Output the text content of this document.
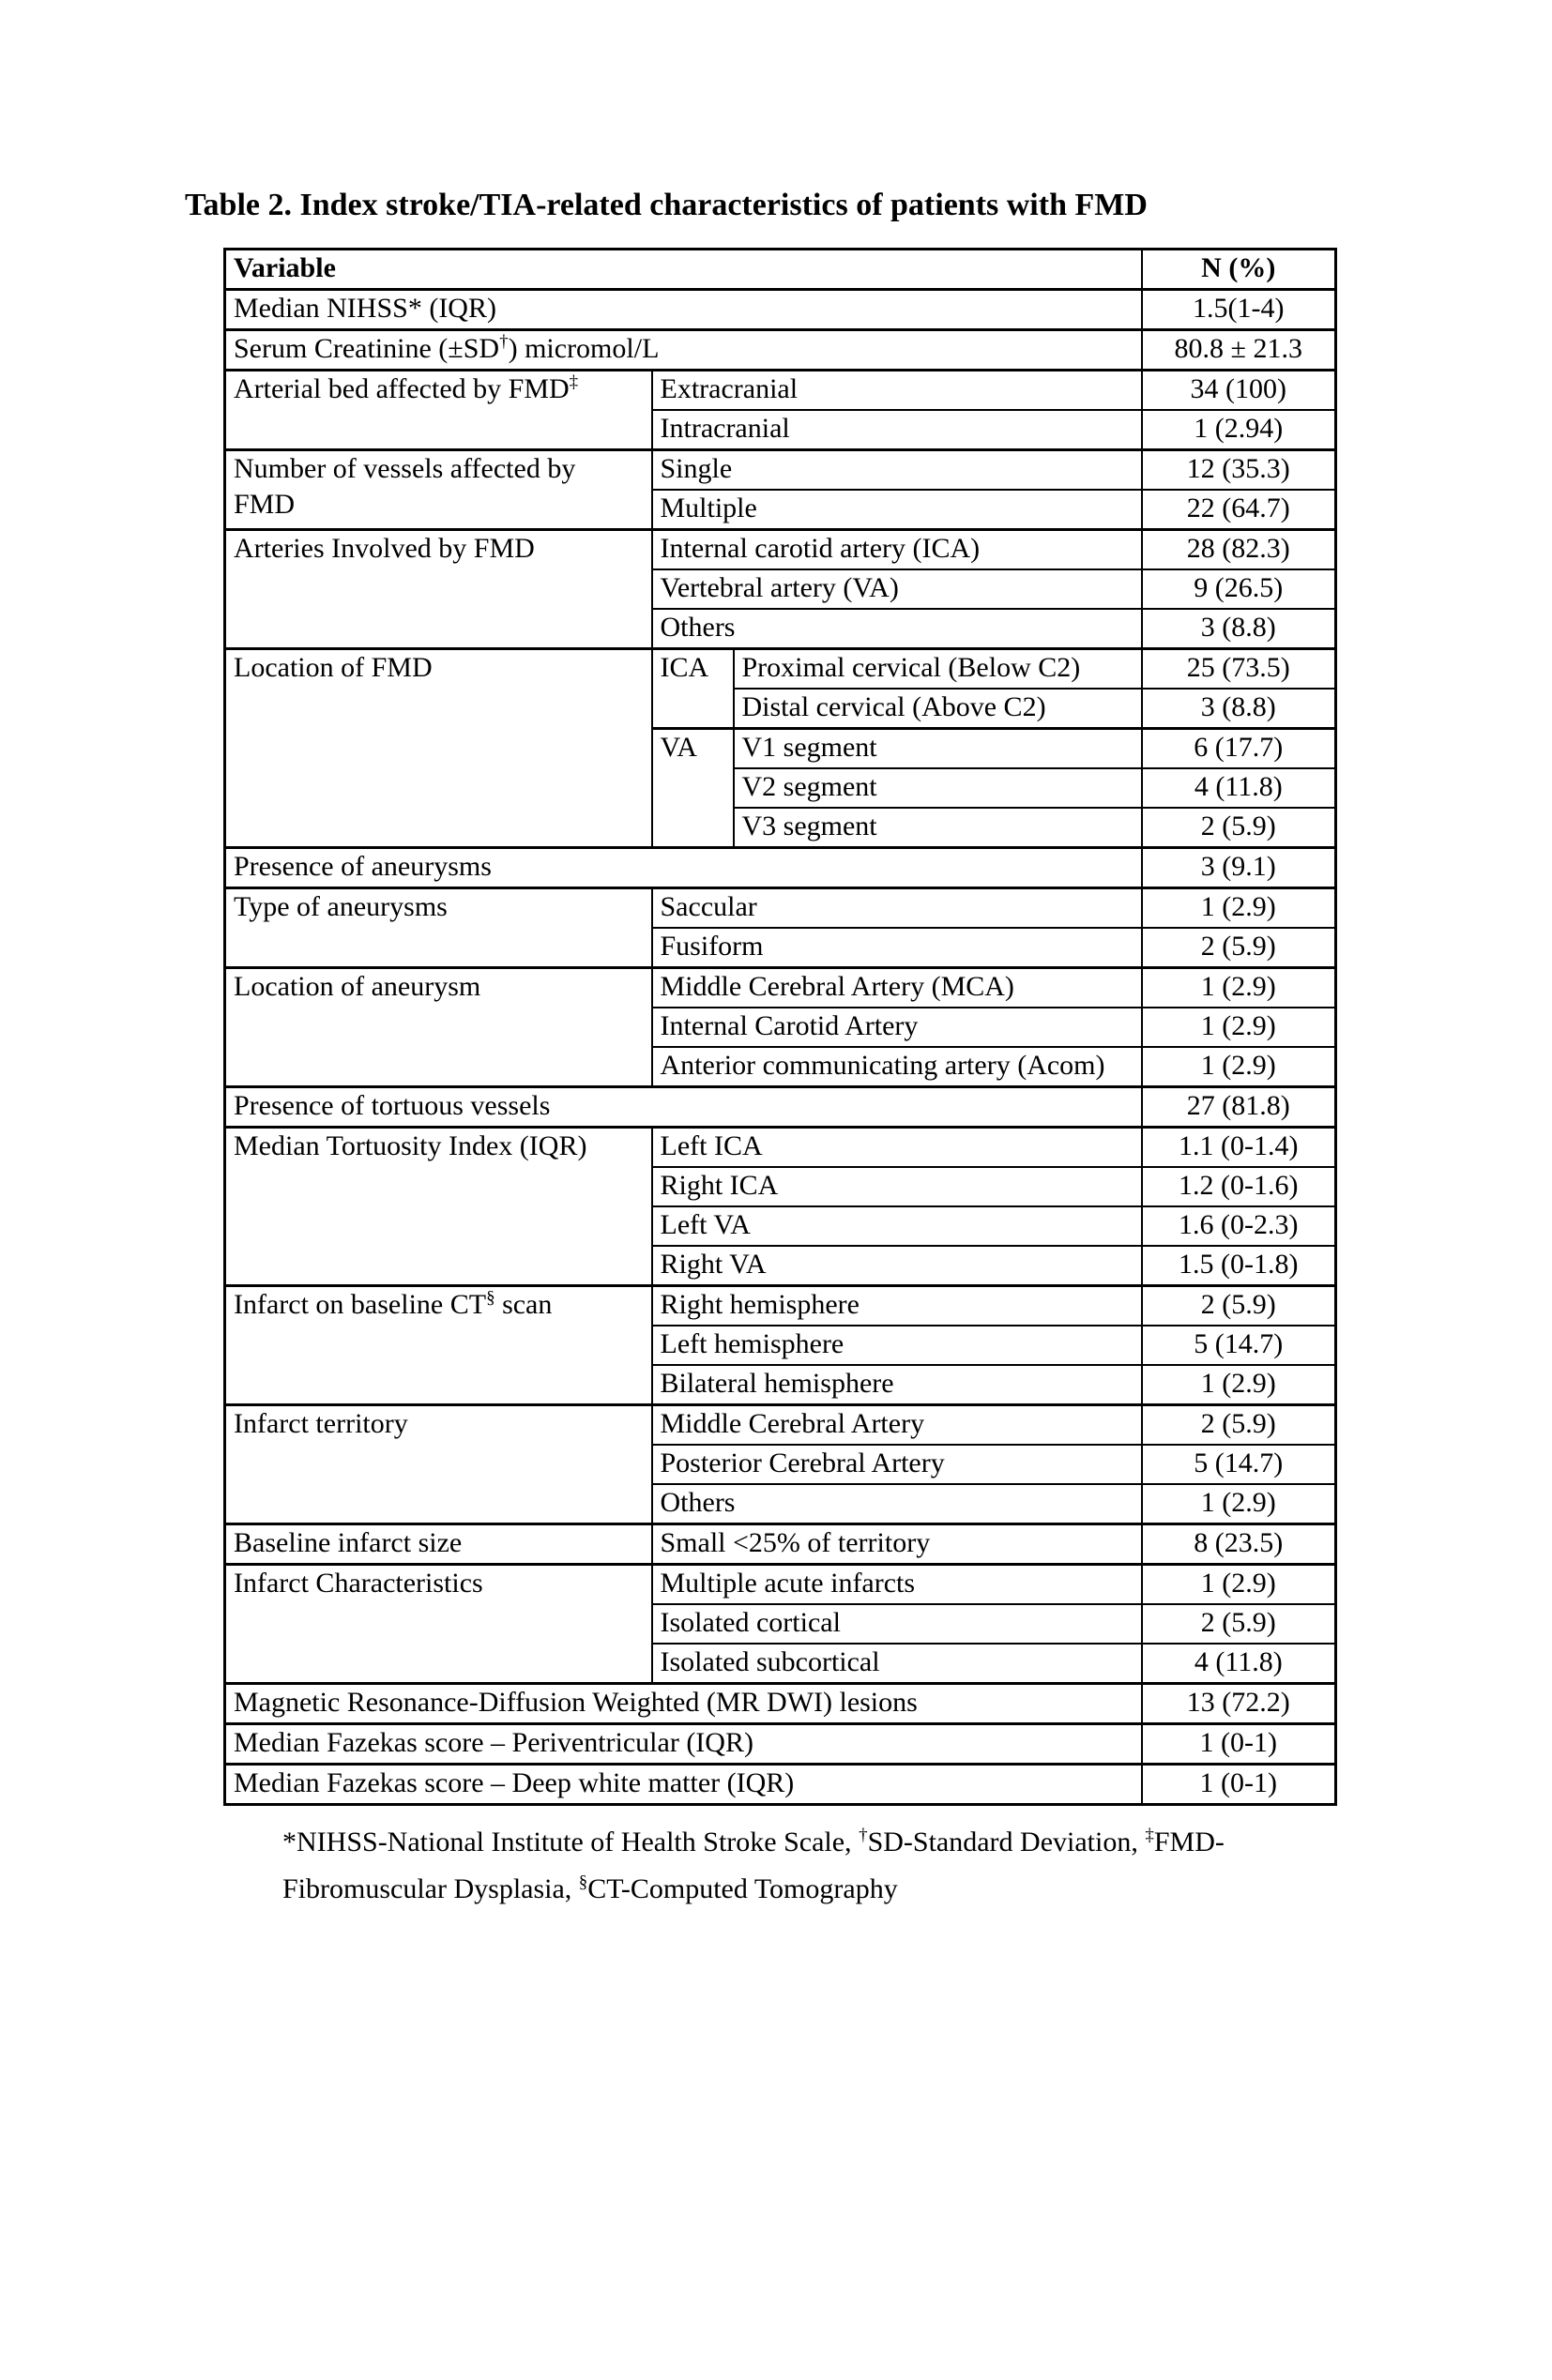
Table 2. Index stroke/TIA-related characteristics of patients with FMD
Variable			N (%)
Median NIHSS* (IQR)			1.5(1-4)
Serum Creatinine (±SD†) micromol/L			80.8 ± 21.3
Arterial bed affected by FMD‡	Extracranial		34 (100)
	Intracranial		1 (2.94)
Number of vessels affected by FMD	Single		12 (35.3)
	Multiple		22 (64.7)
Arteries Involved by FMD	Internal carotid artery (ICA)		28 (82.3)
	Vertebral artery (VA)		9 (26.5)
	Others		3 (8.8)
Location of FMD	ICA	Proximal cervical (Below C2)	25 (73.5)
		Distal cervical (Above C2)	3 (8.8)
	VA	V1 segment	6 (17.7)
		V2 segment	4 (11.8)
		V3 segment	2 (5.9)
Presence of aneurysms			3 (9.1)
Type of aneurysms	Saccular		1 (2.9)
	Fusiform		2 (5.9)
Location of aneurysm	Middle Cerebral Artery (MCA)		1 (2.9)
	Internal Carotid Artery		1 (2.9)
	Anterior communicating artery (Acom)		1 (2.9)
Presence of tortuous vessels			27 (81.8)
Median Tortuosity Index (IQR)	Left ICA		1.1 (0-1.4)
	Right ICA		1.2 (0-1.6)
	Left VA		1.6 (0-2.3)
	Right VA		1.5 (0-1.8)
Infarct on baseline CT§ scan	Right hemisphere		2 (5.9)
	Left hemisphere		5 (14.7)
	Bilateral hemisphere		1 (2.9)
Infarct territory	Middle Cerebral Artery		2 (5.9)
	Posterior Cerebral Artery		5 (14.7)
	Others		1 (2.9)
Baseline infarct size	Small <25% of territory		8 (23.5)
Infarct Characteristics	Multiple acute infarcts		1 (2.9)
	Isolated cortical		2 (5.9)
	Isolated subcortical		4 (11.8)
Magnetic Resonance-Diffusion Weighted (MR DWI) lesions			13 (72.2)
Median Fazekas score – Periventricular (IQR)			1 (0-1)
Median Fazekas score – Deep white matter (IQR)			1 (0-1)
*NIHSS-National Institute of Health Stroke Scale, †SD-Standard Deviation, ‡FMD-Fibromuscular Dysplasia, §CT-Computed Tomography
